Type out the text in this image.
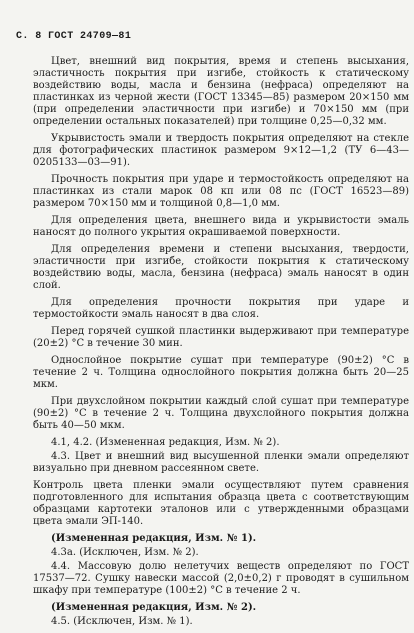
С. 8 ГОСТ 24709—81

Цвет, внешний вид покрытия, время и степень высыхания, эластичность покрытия при изгибе, стойкость к статическому воздействию воды, масла и бензина (нефраса) определяют на пластинках из черной жести (ГОСТ 13345—85) размером 20×150 мм (при определении эластичности при изгибе) и 70×150 мм (при определении остальных показателей) при толщине 0,25—0,32 мм.

Укрывистость эмали и твердость покрытия определяют на стекле для фотографических пластинок размером 9×12—1,2 (ТУ 6—43—0205133—03—91).

Прочность покрытия при ударе и термостойкость определяют на пластинках из стали марок 08 кп или 08 пс (ГОСТ 16523—89) размером 70×150 мм и толщиной 0,8—1,0 мм.

Для определения цвета, внешнего вида и укрывистости эмаль наносят до полного укрытия окрашиваемой поверхности.

Для определения времени и степени высыхания, твердости, эластичности при изгибе, стойкости покрытия к статическому воздействию воды, масла, бензина (нефраса) эмаль наносят в один слой.

Для определения прочности покрытия при ударе и термостойкости эмаль наносят в два слоя.

Перед горячей сушкой пластинки выдерживают при температуре (20±2) °С в течение 30 мин.

Однослойное покрытие сушат при температуре (90±2) °С в течение 2 ч. Толщина однослойного покрытия должна быть 20—25 мкм.

При двухслойном покрытии каждый слой сушат при температуре (90±2) °С в течение 2 ч. Толщина двухслойного покрытия должна быть 40—50 мкм.

4.1, 4.2. (Измененная редакция, Изм. № 2).

4.3. Цвет и внешний вид высушенной пленки эмали определяют визуально при дневном рассеянном свете.

Контроль цвета пленки эмали осуществляют путем сравнения подготовленного для испытания образца цвета с соответствующим образцами картотеки эталонов или с утвержденными образцами цвета эмали ЭП-140.

(Измененная редакция, Изм. № 1).

4.3а. (Исключен, Изм. № 2).

4.4. Массовую долю нелетучих веществ определяют по ГОСТ 17537—72. Сушку навески массой (2,0±0,2) г проводят в сушильном шкафу при температуре (100±2) °С в течение 2 ч.

(Измененная редакция, Изм. № 2).

4.5. (Исключен, Изм. № 1).
